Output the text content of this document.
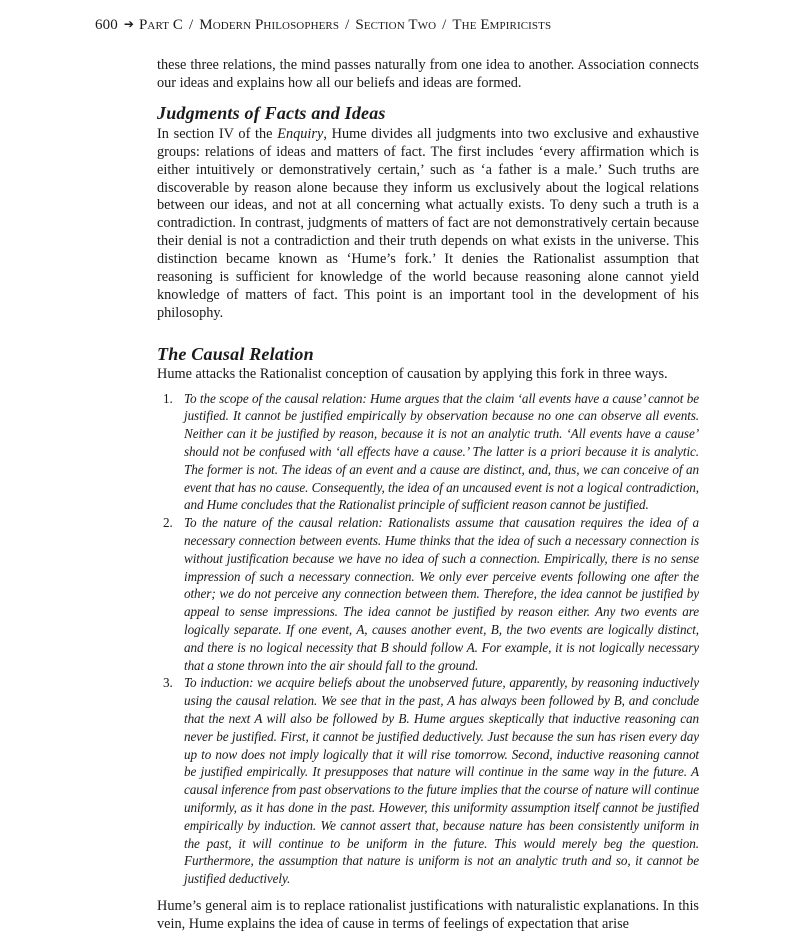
600 ➔ Part C / Modern Philosophers / Section Two / The Empiricists

these three relations, the mind passes naturally from one idea to another. Association connects our ideas and explains how all our beliefs and ideas are formed.

Judgments of Facts and Ideas

In section IV of the Enquiry, Hume divides all judgments into two exclusive and exhaustive groups: relations of ideas and matters of fact. The first includes ‘every affirmation which is either intuitively or demonstratively certain,’ such as ‘a father is a male.’ Such truths are discoverable by reason alone because they inform us exclusively about the logical relations between our ideas, and not at all concerning what actually exists. To deny such a truth is a contradiction. In contrast, judgments of matters of fact are not demonstratively certain because their denial is not a contradiction and their truth depends on what exists in the universe. This distinction became known as ‘Hume’s fork.’ It denies the Rationalist assumption that reasoning is sufficient for knowledge of the world because reasoning alone cannot yield knowledge of matters of fact. This point is an important tool in the development of his philosophy.

The Causal Relation

Hume attacks the Rationalist conception of causation by applying this fork in three ways.

1. To the scope of the causal relation: Hume argues that the claim ‘all events have a cause’ cannot be justified. It cannot be justified empirically by observation because no one can observe all events. Neither can it be justified by reason, because it is not an analytic truth. ‘All events have a cause’ should not be confused with ‘all effects have a cause.’ The latter is a priori because it is analytic. The former is not. The ideas of an event and a cause are distinct, and, thus, we can conceive of an event that has no cause. Consequently, the idea of an uncaused event is not a logical contradiction, and Hume concludes that the Rationalist principle of sufficient reason cannot be justified.
2. To the nature of the causal relation: Rationalists assume that causation requires the idea of a necessary connection between events. Hume thinks that the idea of such a necessary connection is without justification because we have no idea of such a connection. Empirically, there is no sense impression of such a necessary connection. We only ever perceive events following one after the other; we do not perceive any connection between them. Therefore, the idea cannot be justified by appeal to sense impressions. The idea cannot be justified by reason either. Any two events are logically separate. If one event, A, causes another event, B, the two events are logically distinct, and there is no logical necessity that B should follow A. For example, it is not logically necessary that a stone thrown into the air should fall to the ground.
3. To induction: we acquire beliefs about the unobserved future, apparently, by reasoning inductively using the causal relation. We see that in the past, A has always been followed by B, and conclude that the next A will also be followed by B. Hume argues skeptically that inductive reasoning can never be justified. First, it cannot be justified deductively. Just because the sun has risen every day up to now does not imply logically that it will rise tomorrow. Second, inductive reasoning cannot be justified empirically. It presupposes that nature will continue in the same way in the future. A causal inference from past observations to the future implies that the course of nature will continue uniformly, as it has done in the past. However, this uniformity assumption itself cannot be justified empirically by induction. We cannot assert that, because nature has been consistently uniform in the past, it will continue to be uniform in the future. This would merely beg the question. Furthermore, the assumption that nature is uniform is not an analytic truth and so, it cannot be justified deductively.

Hume’s general aim is to replace rationalist justifications with naturalistic explanations. In this vein, Hume explains the idea of cause in terms of feelings of expectation that arise
